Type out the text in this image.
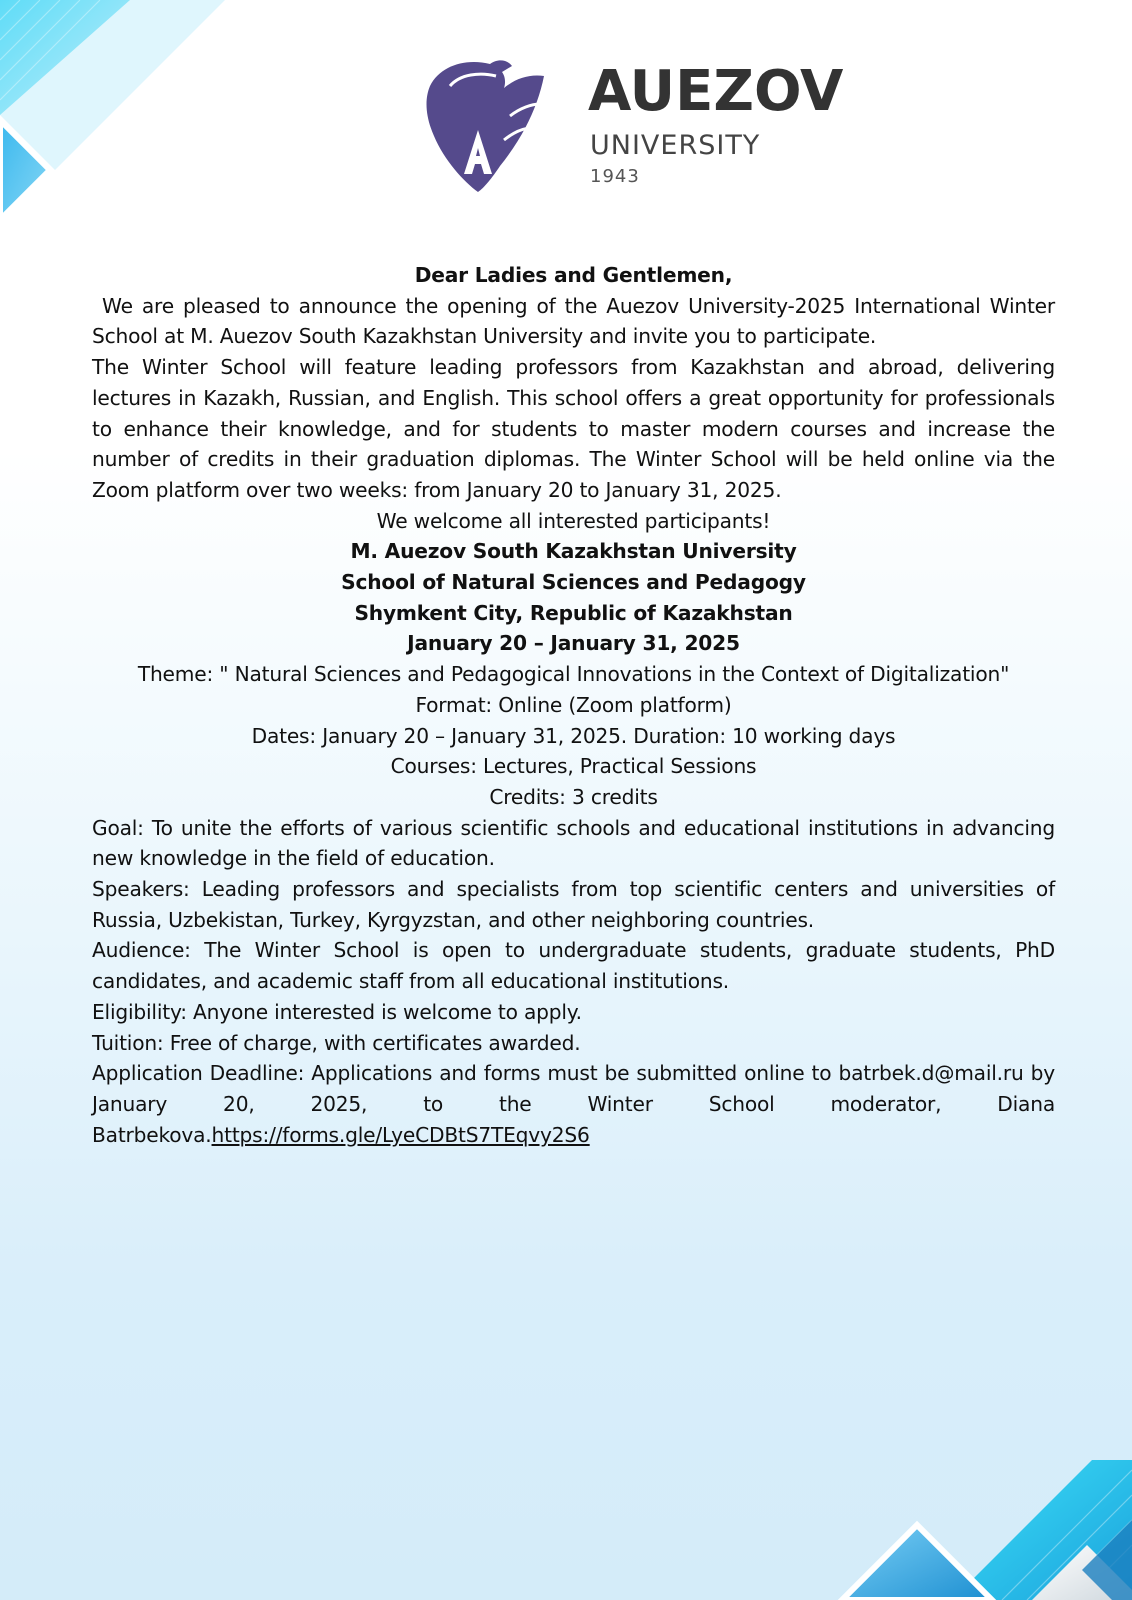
AUEZOV
UNIVERSITY
1943

Dear Ladies and Gentlemen,

We are pleased to announce the opening of the Auezov University-2025 International Winter School at M. Auezov South Kazakhstan University and invite you to participate.

The Winter School will feature leading professors from Kazakhstan and abroad, delivering lectures in Kazakh, Russian, and English. This school offers a great opportunity for professionals to enhance their knowledge, and for students to master modern courses and increase the number of credits in their graduation diplomas. The Winter School will be held online via the Zoom platform over two weeks: from January 20 to January 31, 2025.

We welcome all interested participants!

M. Auezov South Kazakhstan University

School of Natural Sciences and Pedagogy

Shymkent City, Republic of Kazakhstan

January 20 – January 31, 2025

Theme: " Natural Sciences and Pedagogical Innovations in the Context of Digitalization"

Format: Online (Zoom platform)

Dates: January 20 – January 31, 2025. Duration: 10 working days

Courses: Lectures, Practical Sessions

Credits: 3 credits

Goal: To unite the efforts of various scientific schools and educational institutions in advancing new knowledge in the field of education.

Speakers: Leading professors and specialists from top scientific centers and universities of Russia, Uzbekistan, Turkey, Kyrgyzstan, and other neighboring countries.

Audience: The Winter School is open to undergraduate students, graduate students, PhD candidates, and academic staff from all educational institutions.

Eligibility: Anyone interested is welcome to apply.

Tuition: Free of charge, with certificates awarded.

Application Deadline: Applications and forms must be submitted online to batrbek.d@mail.ru by January 20, 2025, to the Winter School moderator, Diana Batrbekova.https://forms.gle/LyeCDBtS7TEqvy2S6
